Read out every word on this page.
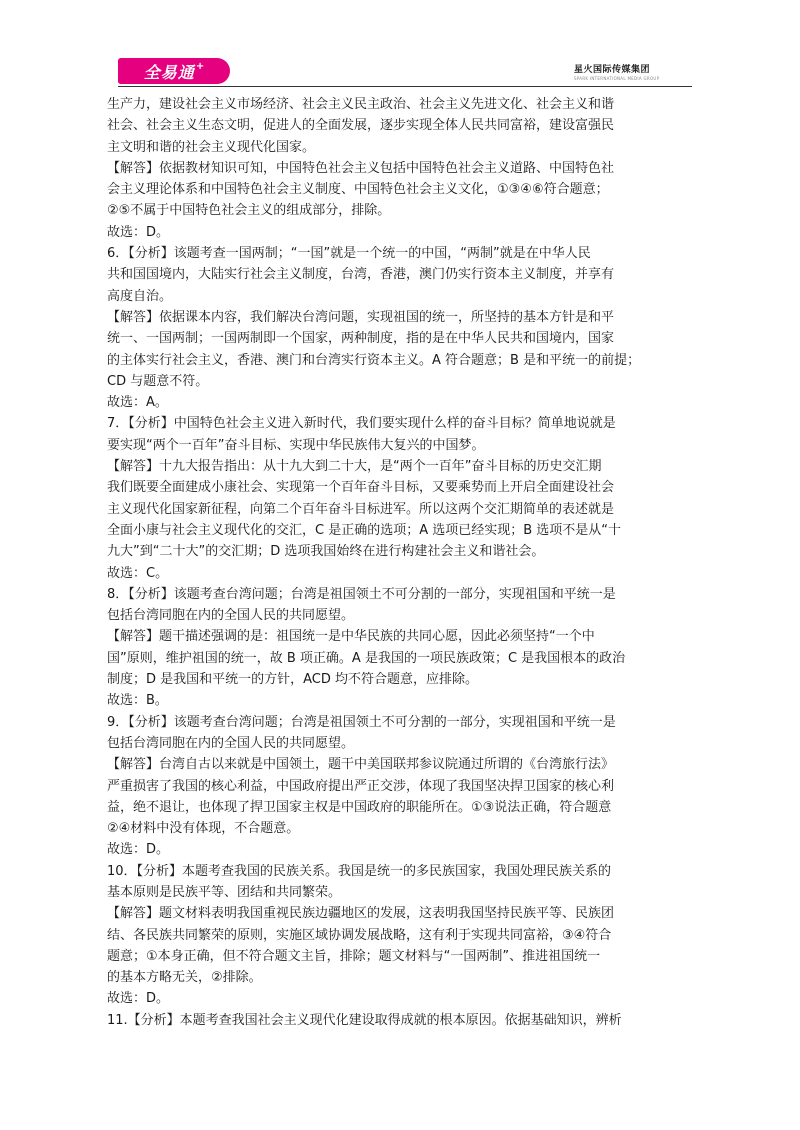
全易通 +	星火国际传媒集团
SPARK INTERNATIONAL MEDIA GROUP

生产力，建设社会主义市场经济、社会主义民主政治、社会主义先进文化、社会主义和谐

社会、社会主义生态文明，促进人的全面发展，逐步实现全体人民共同富裕，建设富强民

主文明和谐的社会主义现代化国家。

【解答】依据教材知识可知，中国特色社会主义包括中国特色社会主义道路、中国特色社

会主义理论体系和中国特色社会主义制度、中国特色社会主义文化，①③④⑥符合题意；

②⑤不属于中国特色社会主义的组成部分，排除。

故选：D。

6．【分析】该题考查一国两制；“一国”就是一个统一的中国，“两制”就是在中华人民

共和国国境内，大陆实行社会主义制度，台湾，香港，澳门仍实行资本主义制度，并享有

高度自治。

【解答】依据课本内容，我们解决台湾问题，实现祖国的统一，所坚持的基本方针是和平

统一、一国两制；一国两制即一个国家，两种制度，指的是在中华人民共和国境内，国家

的主体实行社会主义，香港、澳门和台湾实行资本主义。A 符合题意；B 是和平统一的前提；

CD 与题意不符。

故选：A。

7．【分析】中国特色社会主义进入新时代，我们要实现什么样的奋斗目标？简单地说就是

要实现“两个一百年”奋斗目标、实现中华民族伟大复兴的中国梦。

【解答】十九大报告指出：从十九大到二十大，是“两个一百年”奋斗目标的历史交汇期

我们既要全面建成小康社会、实现第一个百年奋斗目标，又要乘势而上开启全面建设社会

主义现代化国家新征程，向第二个百年奋斗目标进军。所以这两个交汇期简单的表述就是

全面小康与社会主义现代化的交汇，C 是正确的选项；A 选项已经实现；B 选项不是从“十

九大”到“二十大”的交汇期；D 选项我国始终在进行构建社会主义和谐社会。

故选：C。

8．【分析】该题考查台湾问题；台湾是祖国领土不可分割的一部分，实现祖国和平统一是

包括台湾同胞在内的全国人民的共同愿望。

【解答】题干描述强调的是：祖国统一是中华民族的共同心愿，因此必须坚持“一个中

国”原则，维护祖国的统一，故 B 项正确。A 是我国的一项民族政策；C 是我国根本的政治

制度；D 是我国和平统一的方针，ACD 均不符合题意，应排除。

故选：B。

9．【分析】该题考查台湾问题；台湾是祖国领土不可分割的一部分，实现祖国和平统一是

包括台湾同胞在内的全国人民的共同愿望。

【解答】台湾自古以来就是中国领土，题干中美国联邦参议院通过所谓的《台湾旅行法》

严重损害了我国的核心利益，中国政府提出严正交涉，体现了我国坚决捍卫国家的核心利

益，绝不退让，也体现了捍卫国家主权是中国政府的职能所在。①③说法正确，符合题意

②④材料中没有体现，不合题意。

故选：D。

10．【分析】本题考查我国的民族关系。我国是统一的多民族国家，我国处理民族关系的

基本原则是民族平等、团结和共同繁荣。

【解答】题文材料表明我国重视民族边疆地区的发展，这表明我国坚持民族平等、民族团

结、各民族共同繁荣的原则，实施区域协调发展战略，这有利于实现共同富裕，③④符合

题意；①本身正确，但不符合题文主旨，排除；题文材料与“一国两制”、推进祖国统一

的基本方略无关，②排除。

故选：D。

11.【分析】本题考查我国社会主义现代化建设取得成就的根本原因。依据基础知识，辨析
